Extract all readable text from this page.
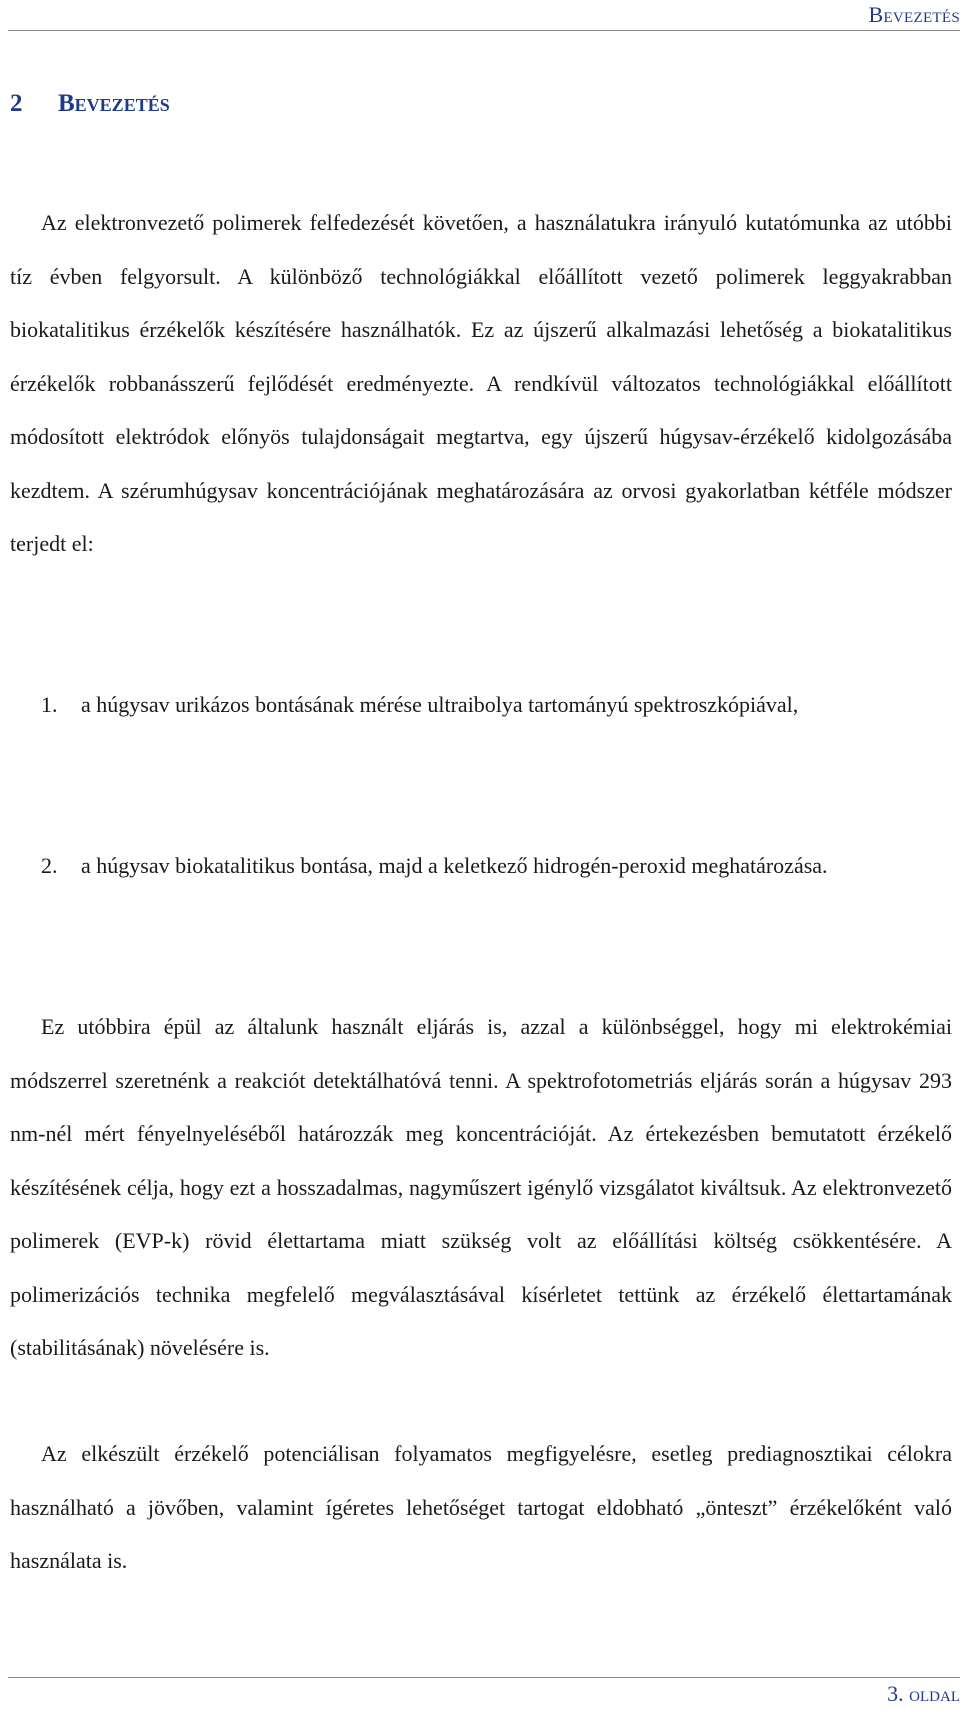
Bevezetés
2 Bevezetés

Az elektronvezető polimerek felfedezését követően, a használatukra irányuló kutatómunka az utóbbi tíz évben felgyorsult. A különböző technológiákkal előállított vezető polimerek leggyakrabban biokatalitikus érzékelők készítésére használhatók. Ez az újszerű alkalmazási lehetőség a biokatalitikus érzékelők robbanásszerű fejlődését eredményezte. A rendkívül változatos technológiákkal előállított módosított elektródok előnyös tulajdonságait megtartva, egy újszerű húgysav-érzékelő kidolgozásába kezdtem. A szérumhúgysav koncentrációjának meghatározására az orvosi gyakorlatban kétféle módszer terjedt el:

1. a húgysav urikázos bontásának mérése ultraibolya tartományú spektroszkópiával,
2. a húgysav biokatalitikus bontása, majd a keletkező hidrogén-peroxid meghatározása.

Ez utóbbira épül az általunk használt eljárás is, azzal a különbséggel, hogy mi elektrokémiai módszerrel szeretnénk a reakciót detektálhatóvá tenni. A spektrofotometriás eljárás során a húgysav 293 nm-nél mért fényelnyeléséből határozzák meg koncentrációját. Az értekezésben bemutatott érzékelő készítésének célja, hogy ezt a hosszadalmas, nagyműszert igénylő vizsgálatot kiváltsuk. Az elektronvezető polimerek (EVP-k) rövid élettartama miatt szükség volt az előállítási költség csökkentésére. A polimerizációs technika megfelelő megválasztásával kísérletet tettünk az érzékelő élettartamának (stabilitásának) növelésére is.

Az elkészült érzékelő potenciálisan folyamatos megfigyelésre, esetleg prediagnosztikai célokra használható a jövőben, valamint ígéretes lehetőséget tartogat eldobható „önteszt” érzékelőként való használata is.

3. oldal
